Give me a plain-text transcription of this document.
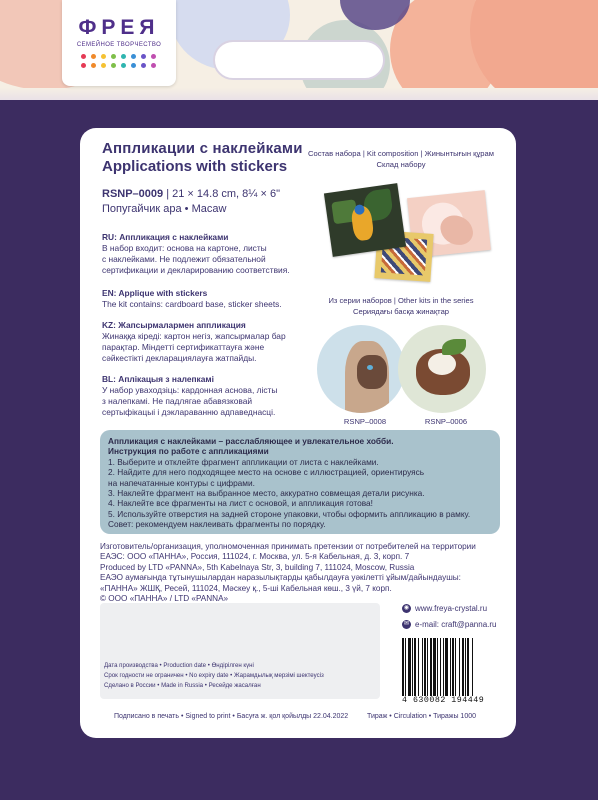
ФРЕЯ
СЕМЕЙНОЕ ТВОРЧЕСТВО
Аппликации с наклейками
Applications with stickers
RSNP–0009 | 21 × 14.8 cm, 8¼ × 6"
Попугайчик ара • Macaw
RU: Аппликация с наклейками
В набор входит: основа на картоне, листы
с наклейками. Не подлежит обязательной
сертификации и декларированию соответствия.
EN: Applique with stickers
The kit contains: cardboard base, sticker sheets.
KZ: Жапсырмалармен аппликация
Жинаққа кіреді: картон негіз, жапсырмалар бар
парақтар. Міндетті сертификаттауға және
сәйкестікті декларациялауға жатпайды.
BL: Аплікацыя з налепкамі
У набор уваходзіць: кардонная аснова, лісты
з налепкамі. Не падлягае абавязковай
сертыфікацыі і дэклараванню адпаведнасці.
Состав набора | Kit composition | Жинынтығын құрам
Склад набору
Из серии наборов | Other kits in the series
Сериядағы басқа жинақтар
RSNP–0008	RSNP–0006
Аппликация с наклейками – расслабляющее и увлекательное хобби.
Инструкция по работе с аппликациями
1. Выберите и отклейте фрагмент аппликации от листа с наклейками.
2. Найдите для него подходящее место на основе с иллюстрацией, ориентируясь
на напечатанные контуры с цифрами.
3. Наклейте фрагмент на выбранное место, аккуратно совмещая детали рисунка.
4. Наклейте все фрагменты на лист с основой, и аппликация готова!
5. Используйте отверстия на задней стороне упаковки, чтобы оформить аппликацию в рамку.
Совет: рекомендуем наклеивать фрагменты по порядку.
Изготовитель/организация, уполномоченная принимать претензии от потребителей на территории
ЕАЭС: ООО «ПАННА», Россия, 111024, г. Москва, ул. 5-я Кабельная, д. 3, корп. 7
Produced by LTD «PANNA», 5th Kabelnaya Str, 3, building 7, 111024, Moscow, Russia
ЕАЭО аумағында тұтынушылардан наразылықтарды қабылдауға уәкілетті ұйым/дайындаушы:
«ПАННА» ЖШҚ, Ресей, 111024, Мәскеу қ., 5-ші Кабельная көш., 3 үй, 7 корп.
© ООО «ПАННА» / LTD «PANNA»
Дата производства • Production date • Өндірілген күні
Срок годности не ограничен • No expiry date • Жарамдылық мерзімі шектеусіз
Сделано в России • Made in Russia • Ресейде жасалған
◉ www.freya-crystal.ru
✉ e-mail: craft@panna.ru
4 630082 194449
Подписано в печать • Signed to print • Басуға ж. қол қойылды 22.04.2022	Тираж • Circulation • Тиражы 1000
